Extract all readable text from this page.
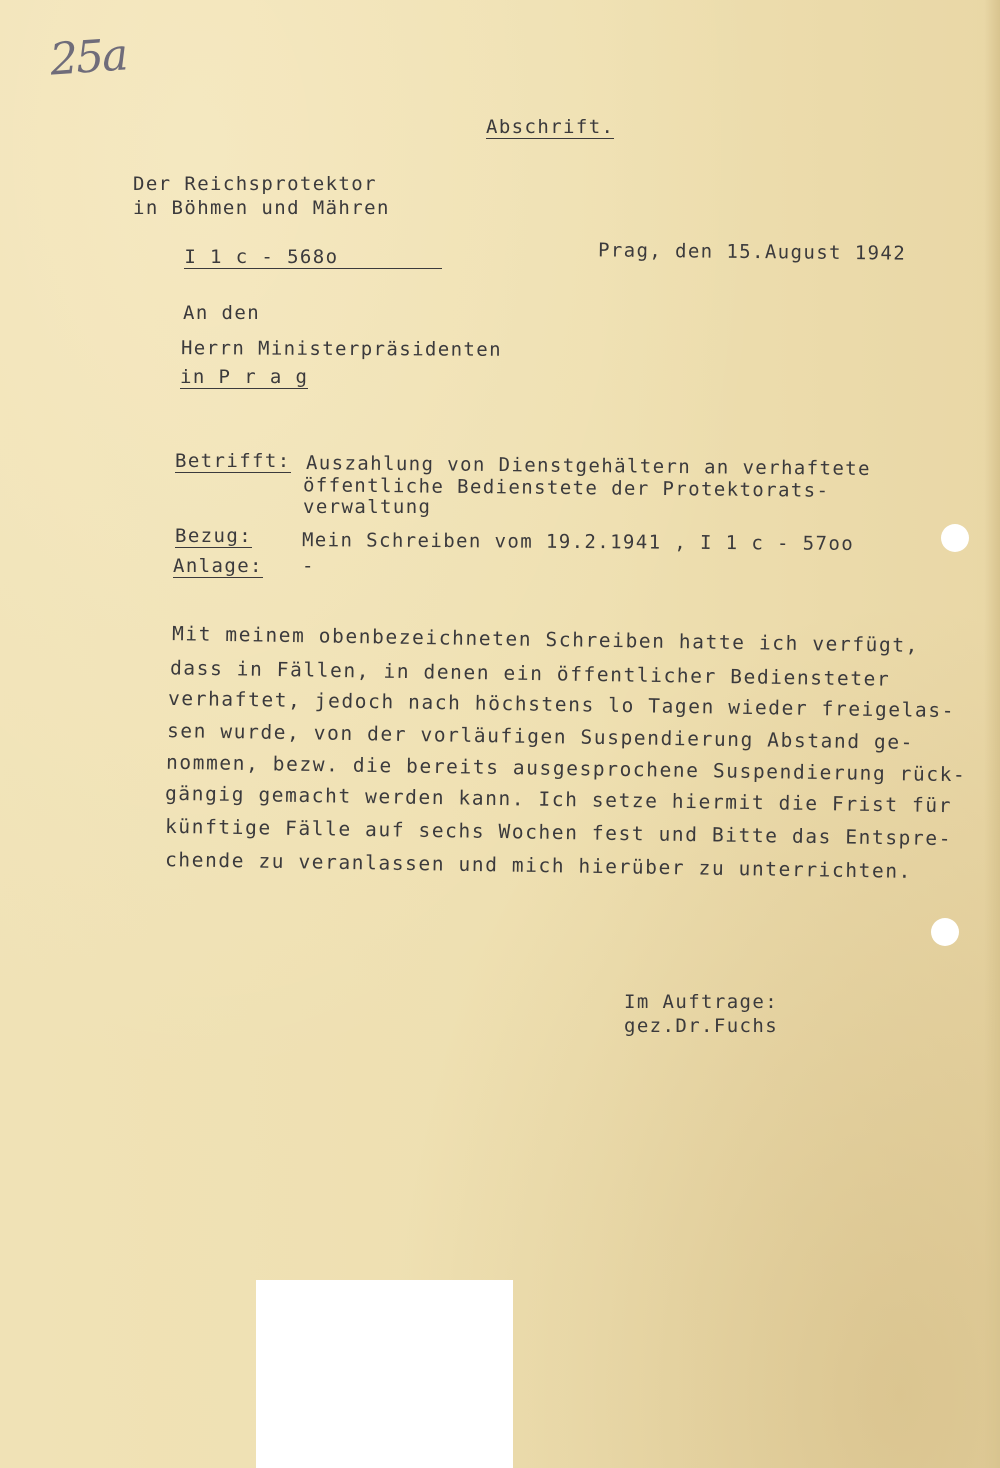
25a
Abschrift.
Der Reichsprotektor
in Böhmen und Mähren

I 1 c - 568o
	Prag, den 15.August 1942
An den
Herrn Ministerpräsidenten
in P r a g
Betrifft: Auszahlung von Dienstgehältern an verhaftete
öffentliche Bedienstete der Protektorats-
verwaltung
Bezug:	Mein Schreiben vom 19.2.1941 , I 1 c - 57oo
Anlage: -
Mit meinem obenbezeichneten Schreiben hatte ich verfügt,
dass in Fällen, in denen ein öffentlicher Bediensteter
verhaftet, jedoch nach höchstens lo Tagen wieder freigelas-
sen wurde, von der vorläufigen Suspendierung Abstand ge-
nommen, bezw. die bereits ausgesprochene Suspendierung rück-
gängig gemacht werden kann. Ich setze hiermit die Frist für
künftige Fälle auf sechs Wochen fest und Bitte das Entspre-
chende zu veranlassen und mich hierüber zu unterrichten.
Im Auftrage:
gez.Dr.Fuchs
